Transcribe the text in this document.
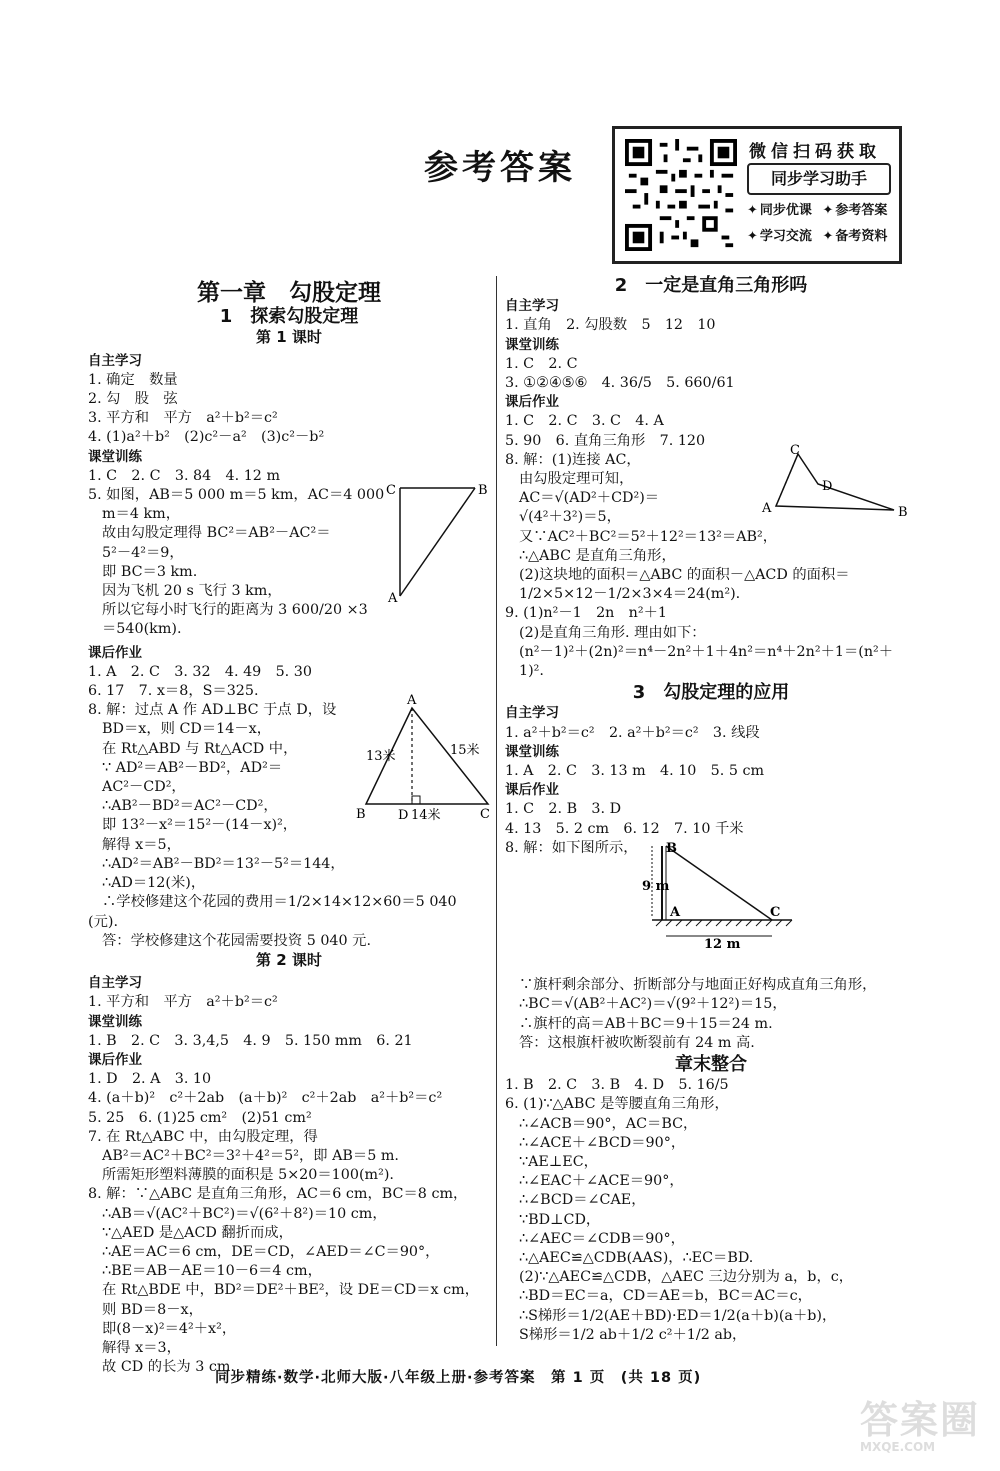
参考答案	微信扫码获取
同步学习助手
✦ 同步优课 ✦ 参考答案
✦ 学习交流 ✦ 备考资料
第一章　勾股定理
1　探索勾股定理
第 1 课时
自主学习
1. 确定　数量
2. 勾　股　弦
3. 平方和　平方　a²＋b²＝c²
4. (1)a²＋b²　(2)c²－a²　(3)c²－b²
课堂训练
1. C　2. C　3. 84　4. 12 m
5. 如图，AB＝5 000 m＝5 km，AC＝4 000
m＝4 km，
故由勾股定理得 BC²＝AB²－AC²＝
5²－4²＝9，
即 BC＝3 km.
因为飞机 20 s 飞行 3 km，
所以它每小时飞行的距离为 3 600/20 ×3
＝540(km).
课后作业
1. A　2. C　3. 32　4. 49　5. 30
6. 17　7. x＝8，S＝325.
8. 解：过点 A 作 AD⊥BC 于点 D，设
BD＝x，则 CD＝14－x，
在 Rt△ABD 与 Rt△ACD 中，
∵ AD²＝AB²－BD²，AD²＝
AC²－CD²，
∴AB²－BD²＝AC²－CD²，
即 13²－x²＝15²－(14－x)²，
解得 x＝5，
∴AD²＝AB²－BD²＝13²－5²＝144，
∴AD＝12(米)，
∴学校修建这个花园的费用＝1/2×14×12×60＝5 040
(元).
答：学校修建这个花园需要投资 5 040 元.
第 2 课时
自主学习
1. 平方和　平方　a²＋b²＝c²
课堂训练
1. B　2. C　3. 3,4,5　4. 9　5. 150 mm　6. 21
课后作业
1. D　2. A　3. 10
4. (a＋b)²　c²＋2ab　(a＋b)²　c²＋2ab　a²＋b²＝c²
5. 25　6. (1)25 cm²　(2)51 cm²
7. 在 Rt△ABC 中，由勾股定理，得
AB²＝AC²＋BC²＝3²＋4²＝5²，即 AB＝5 m.
所需矩形塑料薄膜的面积是 5×20＝100(m²).
8. 解：∵△ABC 是直角三角形，AC＝6 cm，BC＝8 cm，
∴AB＝√(AC²＋BC²)＝√(6²＋8²)＝10 cm，
∵△AED 是△ACD 翻折而成，
∴AE＝AC＝6 cm，DE＝CD，∠AED＝∠C＝90°，
∴BE＝AB－AE＝10－6＝4 cm，
在 Rt△BDE 中，BD²＝DE²＋BE²，设 DE＝CD＝x cm，
则 BD＝8－x，
即(8－x)²＝4²＋x²，
解得 x＝3，
故 CD 的长为 3 cm.
2　一定是直角三角形吗
自主学习
1. 直角　2. 勾股数　5　12　10
课堂训练
1. C　2. C
3. ①②④⑤⑥　4. 36/5　5. 660/61
课后作业
1. C　2. C　3. C　4. A
5. 90　6. 直角三角形　7. 120
8. 解：(1)连接 AC，
由勾股定理可知，
AC＝√(AD²＋CD²)＝
√(4²＋3²)＝5，
又∵AC²＋BC²＝5²＋12²＝13²＝AB²，
∴△ABC 是直角三角形，
(2)这块地的面积＝△ABC 的面积－△ACD 的面积＝
1/2×5×12－1/2×3×4＝24(m²).
9. (1)n²－1　2n　n²＋1
(2)是直角三角形. 理由如下：
(n²－1)²＋(2n)²＝n⁴－2n²＋1＋4n²＝n⁴＋2n²＋1＝(n²＋
1)².
3　勾股定理的应用
自主学习
1. a²＋b²＝c²　2. a²＋b²＝c²　3. 线段
课堂训练
1. A　2. C　3. 13 m　4. 10　5. 5 cm
课后作业
1. C　2. B　3. D
4. 13　5. 2 cm　6. 12　7. 10 千米
8. 解：如下图所示，
∵旗杆剩余部分、折断部分与地面正好构成直角三角形，
∴BC＝√(AB²＋AC²)＝√(9²＋12²)＝15，
∴旗杆的高＝AB＋BC＝9＋15＝24 m.
答：这根旗杆被吹断裂前有 24 m 高.
章末整合
1. B　2. C　3. B　4. D　5. 16/5
6. (1)∵△ABC 是等腰直角三角形，
∴∠ACB＝90°，AC＝BC，
∴∠ACE＋∠BCD＝90°，
∵AE⊥EC，
∴∠EAC＋∠ACE＝90°，
∴∠BCD＝∠CAE，
∵BD⊥CD，
∴∠AEC＝∠CDB＝90°，
∴△AEC≌△CDB(AAS)，∴EC＝BD.
(2)∵△AEC≌△CDB，△AEC 三边分别为 a，b，c，
∴BD＝EC＝a，CD＝AE＝b，BC＝AC＝c，
∴S梯形＝1/2(AE＋BD)·ED＝1/2(a＋b)(a＋b)，
S梯形＝1/2 ab＋1/2 c²＋1/2 ab，
C	B
A
A
B	C
D
13米	15米
14米
C
D
A	B
B
A	C
9 m
12 m
同步精练·数学·北师大版·八年级上册·参考答案　第 1 页　(共 18 页)
答案圈
MXQE.COM
